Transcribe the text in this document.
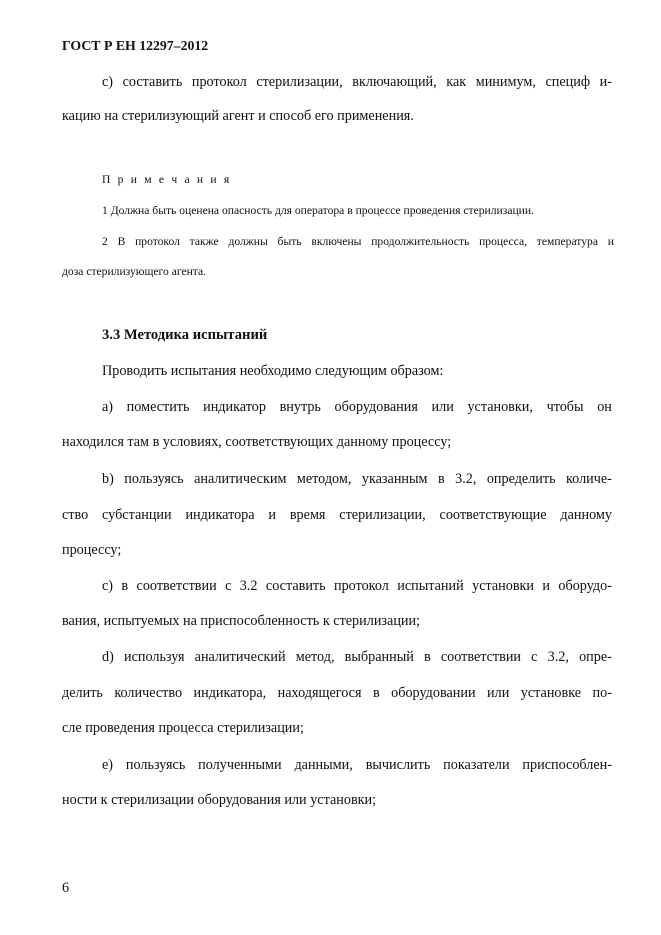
ГОСТ Р ЕН 12297–2012
с) составить протокол стерилизации, включающий, как минимум, специф и-
кацию на стерилизующий агент и способ его применения.
П р и м е ч а н и я
1 Должна быть оценена опасность для оператора в процессе проведения стерилизации.
2 В протокол также должны быть включены продолжительность процесса, температура и
доза стерилизующего агента.
3.3 Методика испытаний
Проводить испытания необходимо следующим образом:
а) поместить индикатор внутрь оборудования или установки, чтобы он
находился там в условиях, соответствующих данному процессу;
b) пользуясь аналитическим методом, указанным в 3.2, определить количе-
ство субстанции индикатора и время стерилизации, соответствующие данному
процессу;
с) в соответствии с 3.2 составить протокол испытаний установки и оборудо-
вания, испытуемых на приспособленность к стерилизации;
d) используя аналитический метод, выбранный в соответствии с 3.2, опре-
делить количество индикатора, находящегося в оборудовании или установке по-
сле проведения процесса стерилизации;
е) пользуясь полученными данными, вычислить показатели приспособлен-
ности к стерилизации оборудования или установки;
6
